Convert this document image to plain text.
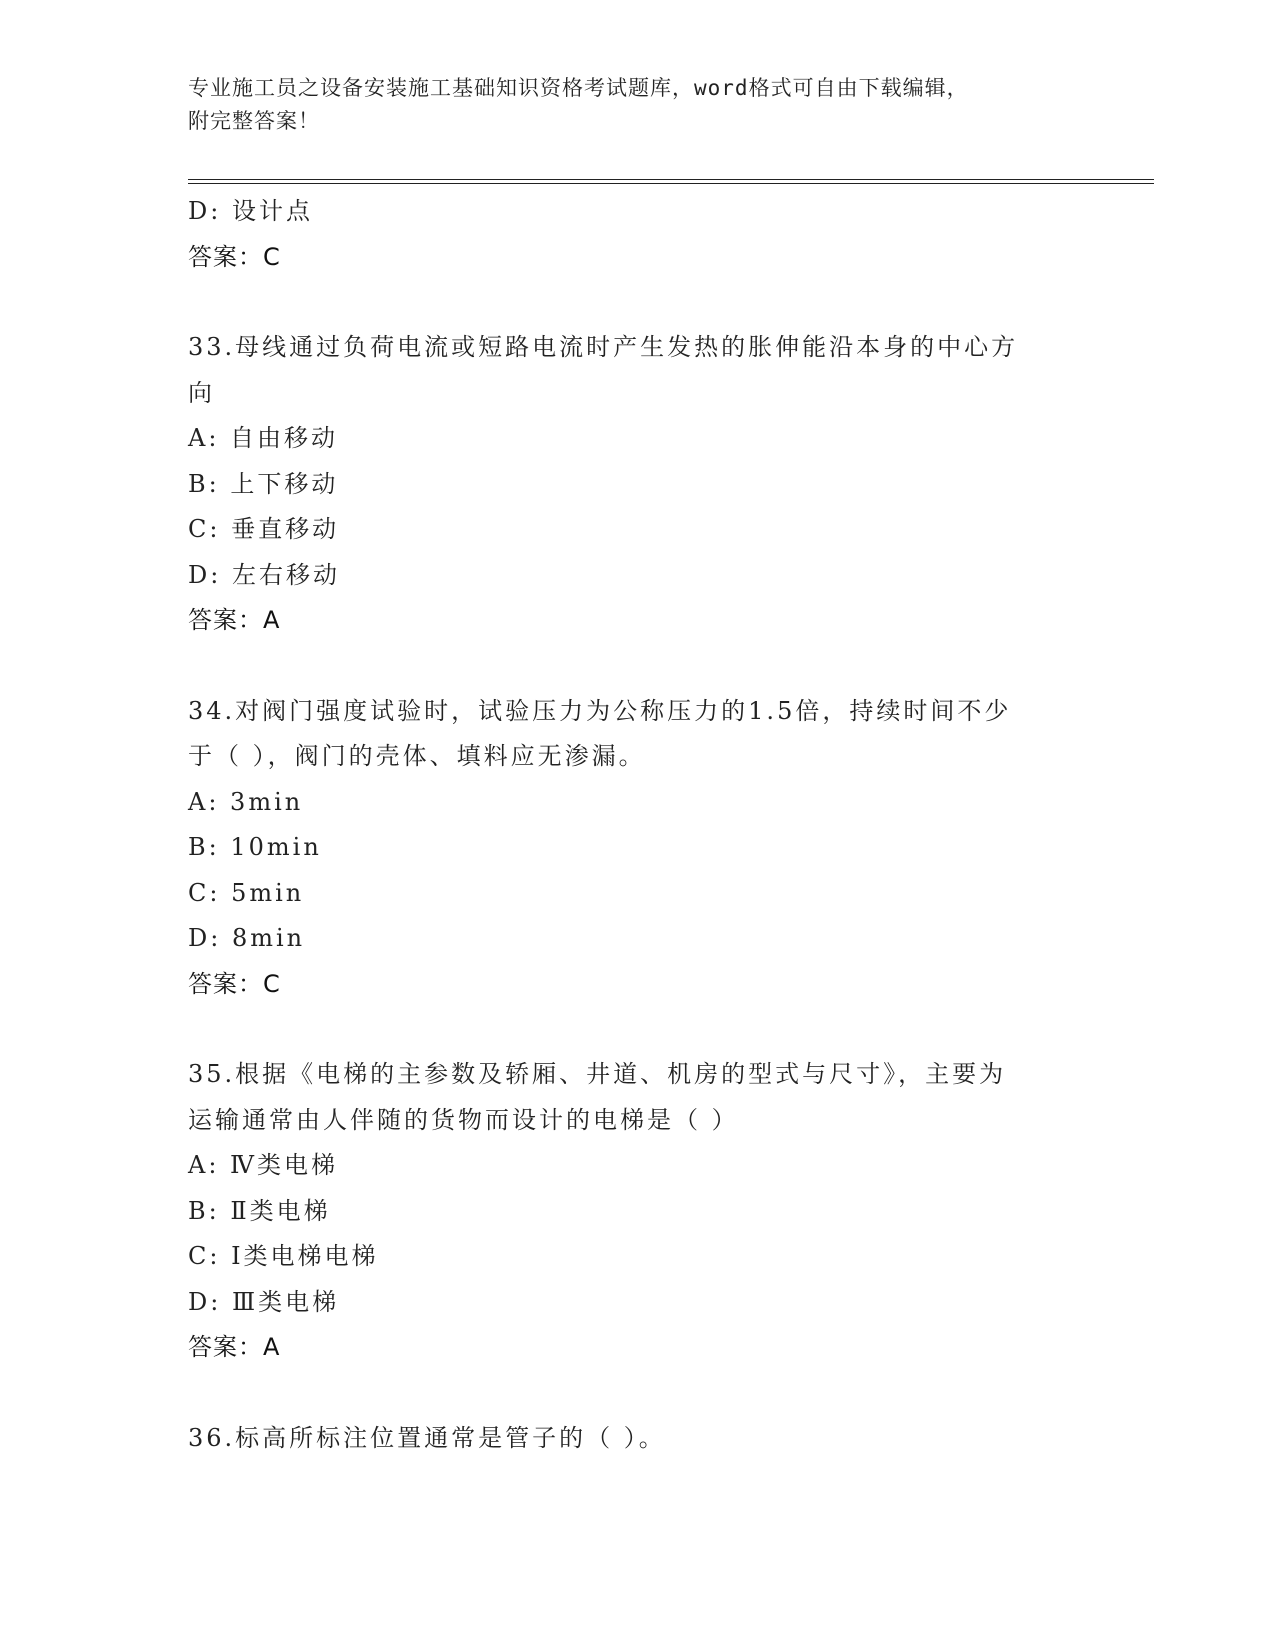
专业施工员之设备安装施工基础知识资格考试题库，word格式可自由下载编辑，
附完整答案！
D: 设计点
答案：C
33.母线通过负荷电流或短路电流时产生发热的胀伸能沿本身的中心方
向
A: 自由移动
B: 上下移动
C: 垂直移动
D: 左右移动
答案：A
34.对阀门强度试验时，试验压力为公称压力的1.5倍，持续时间不少
于（ ），阀门的壳体、填料应无渗漏。
A: 3min
B: 10min
C: 5min
D: 8min
答案：C
35.根据《电梯的主参数及轿厢、井道、机房的型式与尺寸》，主要为
运输通常由人伴随的货物而设计的电梯是（ ）
A: Ⅳ类电梯
B: Ⅱ类电梯
C: Ⅰ类电梯电梯
D: Ⅲ类电梯
答案：A
36.标高所标注位置通常是管子的（ ）。
